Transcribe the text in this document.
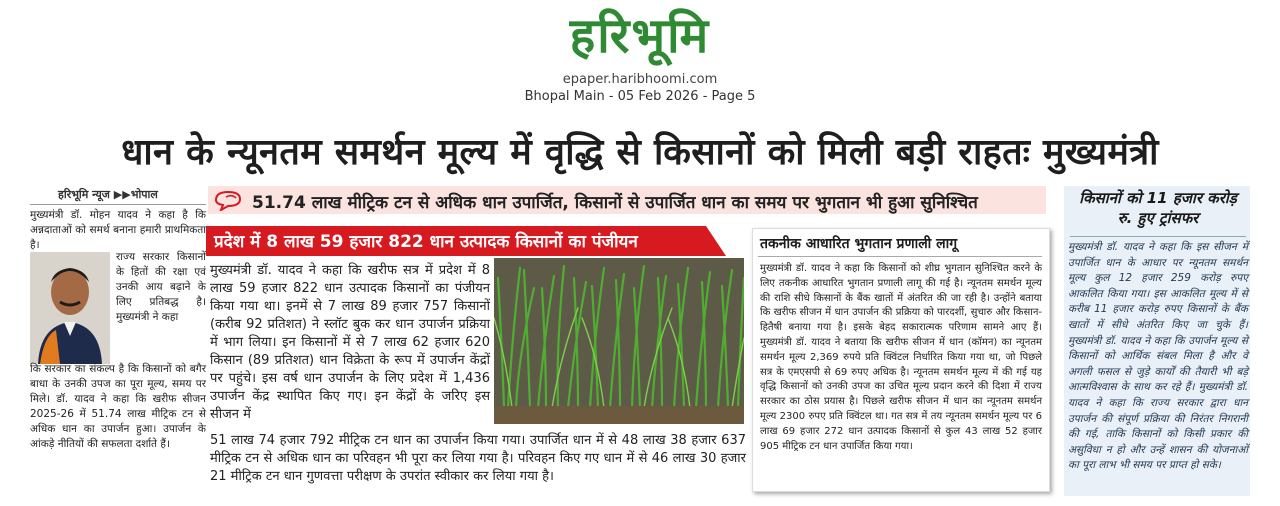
हरिभूमि
epaper.haribhoomi.com
Bhopal Main - 05 Feb 2026 - Page 5
धान के न्यूनतम समर्थन मूल्य में वृद्धि से किसानों को मिली बड़ी राहतः मुख्यमंत्री
हरिभूमि न्यूज ▶▶भोपाल
मुख्यमंत्री डॉ. मोहन यादव ने कहा है कि अन्नदाताओं को समर्थ बनाना हमारी प्राथमिकता है।
राज्य सरकार किसानों के हितों की रक्षा एवं उनकी आय बढ़ाने के लिए प्रतिबद्ध है। मुख्यमंत्री ने कहा
कि सरकार का संकल्प है कि किसानों को बगैर बाधा के उनकी उपज का पूरा मूल्य, समय पर मिले। डॉ. यादव ने कहा कि खरीफ सीजन 2025-26 में 51.74 लाख मीट्रिक टन से अधिक धान का उपार्जन हुआ। उपार्जन के आंकड़े नीतियों की सफलता दर्शाते हैं।
51.74 लाख मीट्रिक टन से अधिक धान उपार्जित, किसानों से उपार्जित धान का समय पर भुगतान भी हुआ सुनिश्चित
प्रदेश में 8 लाख 59 हजार 822 धान उत्पादक किसानों का पंजीयन
मुख्यमंत्री डॉ. यादव ने कहा कि खरीफ सत्र में प्रदेश में 8 लाख 59 हजार 822 धान उत्पादक किसानों का पंजीयन किया गया था। इनमें से 7 लाख 89 हजार 757 किसानों (करीब 92 प्रतिशत) ने स्लॉट बुक कर धान उपार्जन प्रक्रिया में भाग लिया। इन किसानों में से 7 लाख 62 हजार 620 किसान (89 प्रतिशत) धान विक्रेता के रूप में उपार्जन केंद्रों पर पहुंचे। इस वर्ष धान उपार्जन के लिए प्रदेश में 1,436 उपार्जन केंद्र स्थापित किए गए। इन केंद्रों के जरिए इस सीजन में
51 लाख 74 हजार 792 मीट्रिक टन धान का उपार्जन किया गया। उपार्जित धान में से 48 लाख 38 हजार 637 मीट्रिक टन से अधिक धान का परिवहन भी पूरा कर लिया गया है। परिवहन किए गए धान में से 46 लाख 30 हजार 21 मीट्रिक टन धान गुणवत्ता परीक्षण के उपरांत स्वीकार कर लिया गया है।
तकनीक आधारित भुगतान प्रणाली लागू
मुख्यमंत्री डॉ. यादव ने कहा कि किसानों को शीघ्र भुगतान सुनिश्चित करने के लिए तकनीक आधारित भुगतान प्रणाली लागू की गई है। न्यूनतम समर्थन मूल्य की राशि सीधे किसानों के बैंक खातों में अंतरित की जा रही है। उन्होंने बताया कि खरीफ सीजन में धान उपार्जन की प्रक्रिया को पारदर्शी, सुचारु और किसान-हितैषी बनाया गया है। इसके बेहद सकारात्मक परिणाम सामने आए हैं। मुख्यमंत्री डॉ. यादव ने बताया कि खरीफ सीजन में धान (कॉमन) का न्यूनतम समर्थन मूल्य 2,369 रुपये प्रति क्विंटल निर्धारित किया गया था, जो पिछले सत्र के एमएसपी से 69 रुपए अधिक है। न्यूनतम समर्थन मूल्य में की गई यह वृद्धि किसानों को उनकी उपज का उचित मूल्य प्रदान करने की दिशा में राज्य सरकार का ठोस प्रयास है। पिछले खरीफ सीजन में धान का न्यूनतम समर्थन मूल्य 2300 रुपए प्रति क्विंटल था। गत सत्र में तय न्यूनतम समर्थन मूल्य पर 6 लाख 69 हजार 272 धान उत्पादक किसानों से कुल 43 लाख 52 हजार 905 मीट्रिक टन धान उपार्जित किया गया।
किसानों को 11 हजार करोड़ रु. हुए ट्रांसफर
मुख्यमंत्री डॉ. यादव ने कहा कि इस सीजन में उपार्जित धान के आधार पर न्यूनतम समर्थन मूल्य कुल 12 हजार 259 करोड़ रुपए आकलित किया गया। इस आकलित मूल्य में से करीब 11 हजार करोड़ रुपए किसानों के बैंक खातों में सीधे अंतरित किए जा चुके हैं। मुख्यमंत्री डॉ. यादव ने कहा कि उपार्जन मूल्य से किसानों को आर्थिक संबल मिला है और वे अगली फसल से जुड़े कार्यों की तैयारी भी बड़े आत्मविश्वास के साथ कर रहे हैं। मुख्यमंत्री डॉ. यादव ने कहा कि राज्य सरकार द्वारा धान उपार्जन की संपूर्ण प्रक्रिया की निरंतर निगरानी की गई, ताकि किसानों को किसी प्रकार की असुविधा न हो और उन्हें शासन की योजनाओं का पूरा लाभ भी समय पर प्राप्त हो सके।
